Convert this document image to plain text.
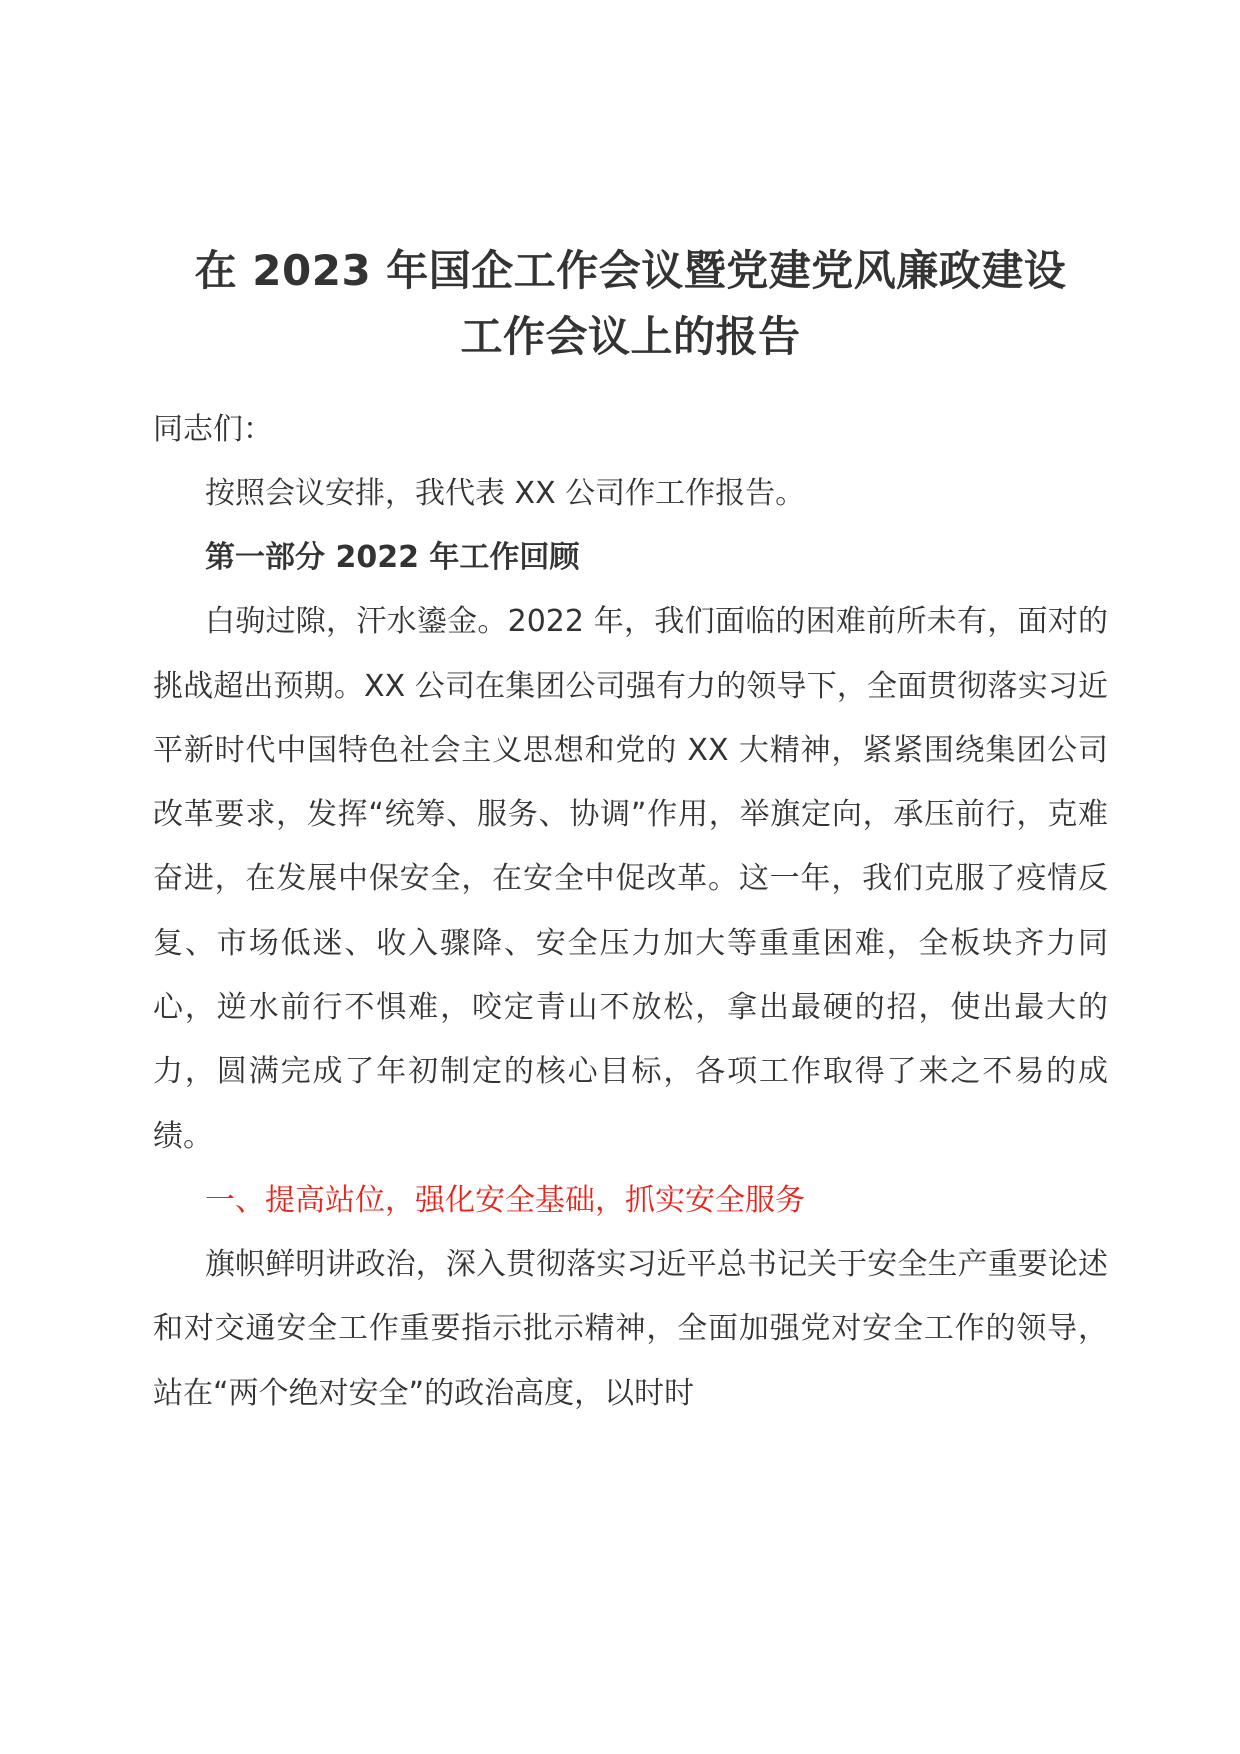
在 2023 年国企工作会议暨党建党风廉政建设
工作会议上的报告

同志们：

按照会议安排，我代表 XX 公司作工作报告。

第一部分 2022 年工作回顾

白驹过隙，汗水鎏金。2022 年，我们面临的困难前所未有，面对的挑战超出预期。XX 公司在集团公司强有力的领导下，全面贯彻落实习近平新时代中国特色社会主义思想和党的 XX 大精神，紧紧围绕集团公司改革要求，发挥“统筹、服务、协调”作用，举旗定向，承压前行，克难奋进，在发展中保安全，在安全中促改革。这一年，我们克服了疫情反复、市场低迷、收入骤降、安全压力加大等重重困难，全板块齐力同心，逆水前行不惧难，咬定青山不放松，拿出最硬的招，使出最大的力，圆满完成了年初制定的核心目标，各项工作取得了来之不易的成绩。

一、提高站位，强化安全基础，抓实安全服务

旗帜鲜明讲政治，深入贯彻落实习近平总书记关于安全生产重要论述和对交通安全工作重要指示批示精神，全面加强党对安全工作的领导，站在“两个绝对安全”的政治高度，以时时
